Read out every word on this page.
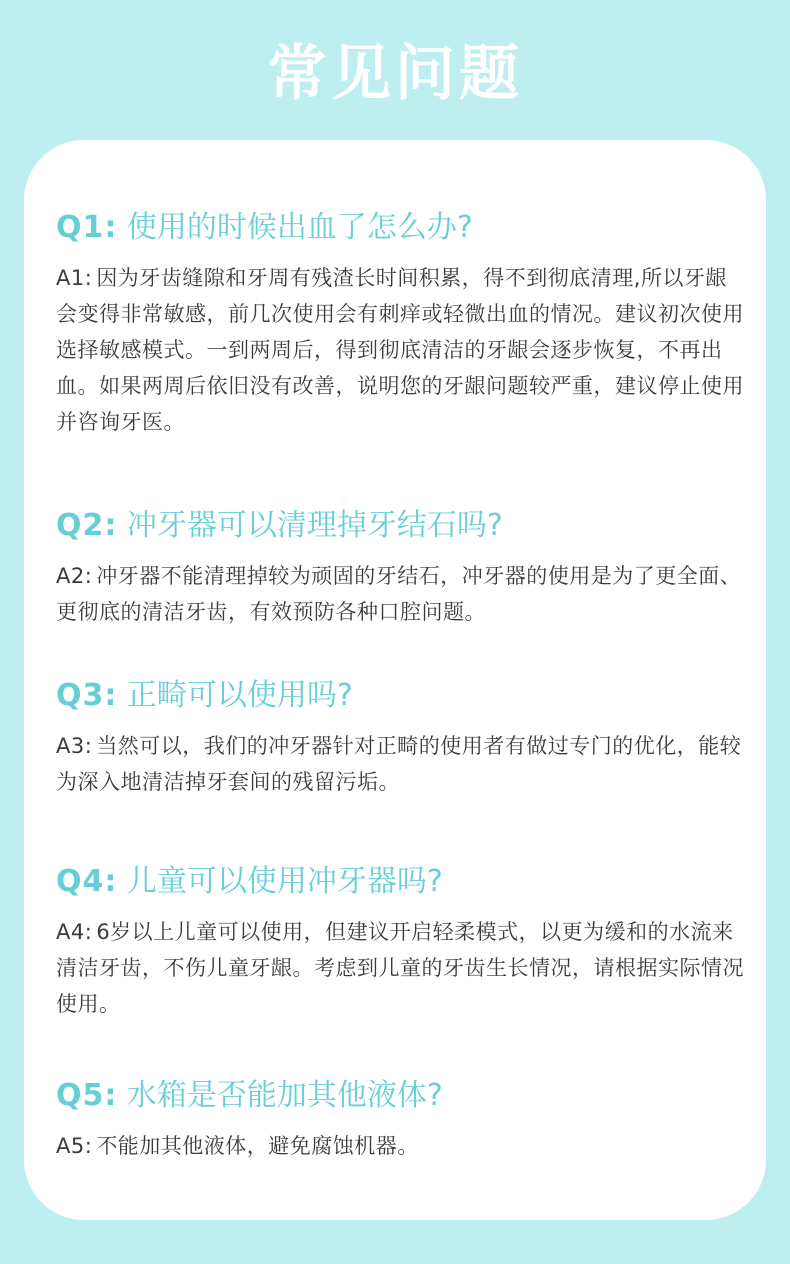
常见问题
Q1: 使用的时候出血了怎么办?
A1: 因为牙齿缝隙和牙周有残渣长时间积累，得不到彻底清理,所以牙龈会变得非常敏感，前几次使用会有刺痒或轻微出血的情况。建议初次使用选择敏感模式。一到两周后，得到彻底清洁的牙龈会逐步恢复，不再出血。如果两周后依旧没有改善，说明您的牙龈问题较严重，建议停止使用并咨询牙医。
Q2: 冲牙器可以清理掉牙结石吗?
A2: 冲牙器不能清理掉较为顽固的牙结石，冲牙器的使用是为了更全面、更彻底的清洁牙齿，有效预防各种口腔问题。
Q3: 正畸可以使用吗?
A3: 当然可以，我们的冲牙器针对正畸的使用者有做过专门的优化，能较为深入地清洁掉牙套间的残留污垢。
Q4: 儿童可以使用冲牙器吗?
A4: 6岁以上儿童可以使用，但建议开启轻柔模式，以更为缓和的水流来清洁牙齿，不伤儿童牙龈。考虑到儿童的牙齿生长情况，请根据实际情况使用。
Q5: 水箱是否能加其他液体?
A5: 不能加其他液体，避免腐蚀机器。
